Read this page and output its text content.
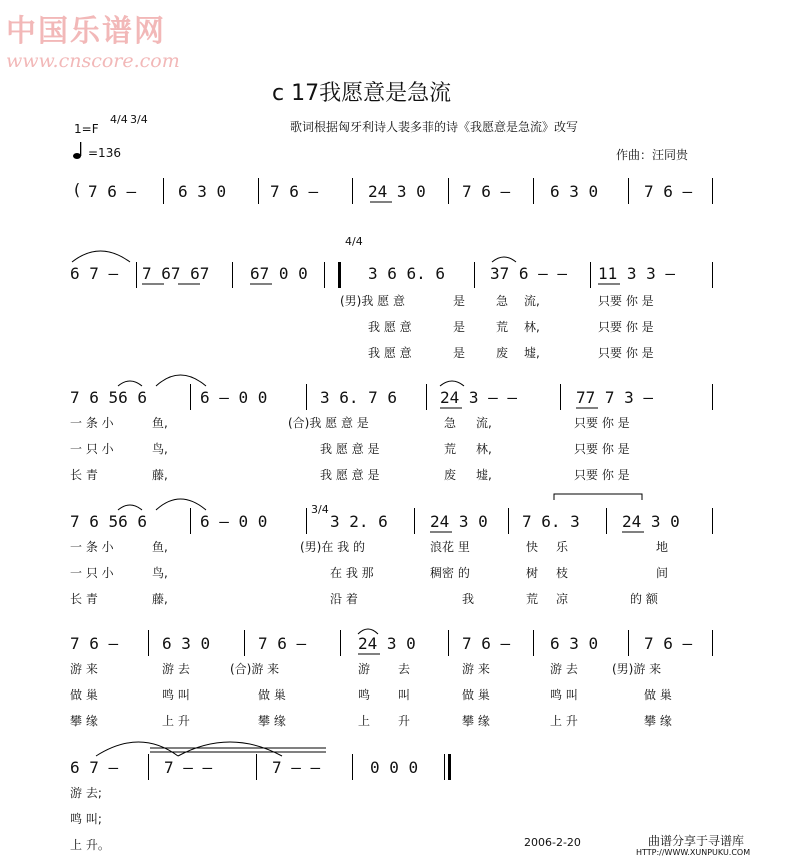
中国乐谱网
www.cnscore.com
c 17我愿意是急流
歌词根据匈牙利诗人裴多菲的诗《我愿意是急流》改写
1=F
4/4 3/4
=136	作曲：汪同贵
( 7 6 –	6 3 0	7 6 –	24 3 0 7 6 – 6 3 0	7 6 –
6 7 – 7 67 67	67 0 0	3 6 6. 6	37 6 – – 11 3 3 –
4/4
(男)我 愿 意	是	急 流,	只要 你 是
我 愿 意	是	荒 林,	只要 你 是
我 愿 意	是	废 墟,	只要 你 是
7 6 56 6	6 – 0 0	3 6. 7 6	24 3 – –	77 7 3 –
一 条 小	鱼,	(合)我 愿 意 是	急 流,	只要 你 是
一 只 小	鸟,	我 愿 意 是	荒 林,	只要 你 是
长 青	藤,	我 愿 意 是	废 墟,	只要 你 是
7 6 56 6	6 – 0 0
3/4
3 2. 6	24 3 0 7 6. 3	24 3 0
一 条 小	鱼,	(男)在 我 的	浪花 里	快 乐	地
一 只 小	鸟,	在 我 那	稠密 的	树 枝	间
长 青	藤,	沿 着	我	荒 凉	的 额
7 6 –	6 3 0	7 6 –	24 3 0	7 6 – 6 3 0	7 6 –
游 来	游 去	(合)游 来	游 去	游 来	游 去	(男)游 来
做 巢	鸣 叫	做 巢	鸣 叫	做 巢	鸣 叫	做 巢
攀 缘	上 升	攀 缘	上 升	攀 缘	上 升	攀 缘
6 7 –	7 – –	7 – –	0 0 0
游 去;
鸣 叫;
上 升。	2006-2-20	曲谱分享于寻谱库
HTTP://WWW.XUNPUKU.COM
